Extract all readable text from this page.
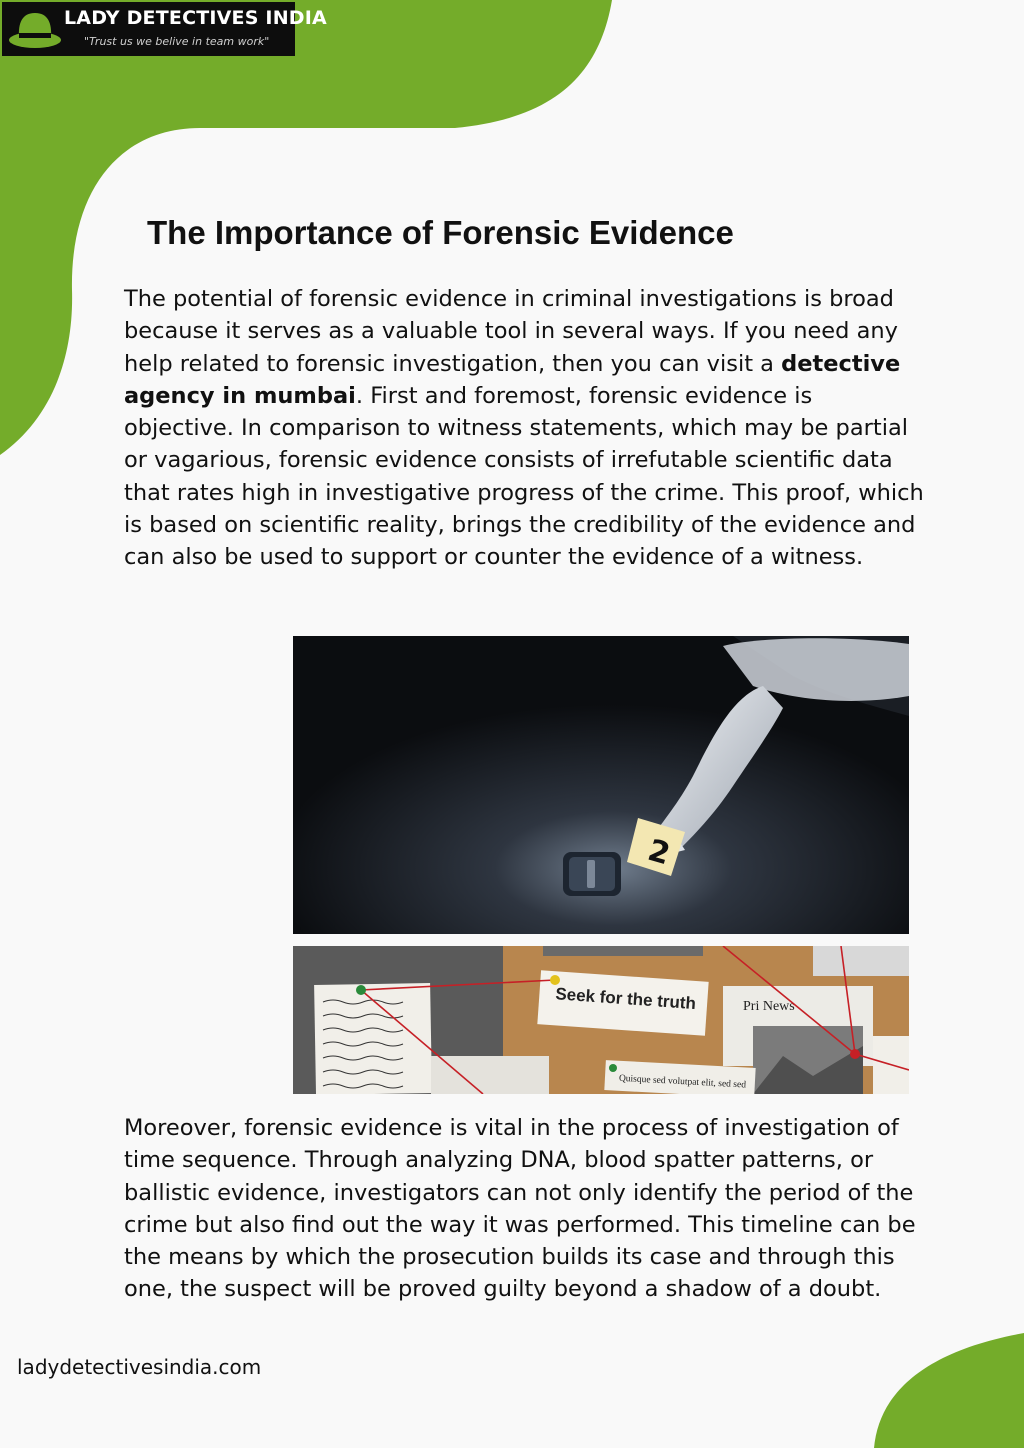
LADY DETECTIVES INDIA
"Trust us we belive in team work"
The Importance of Forensic Evidence

The potential of forensic evidence in criminal investigations is broad because it serves as a valuable tool in several ways. If you need any help related to forensic investigation, then you can visit a detective agency in mumbai. First and foremost, forensic evidence is objective. In comparison to witness statements, which may be partial or vagarious, forensic evidence consists of irrefutable scientific data that rates high in investigative progress of the crime. This proof, which is based on scientific reality, brings the credibility of the evidence and can also be used to support or counter the evidence of a witness.

2
Seek for the truth	Pri News
Quisque sed volutpat elit, sed sed

Moreover, forensic evidence is vital in the process of investigation of time sequence. Through analyzing DNA, blood spatter patterns, or ballistic evidence, investigators can not only identify the period of the crime but also find out the way it was performed. This timeline can be the means by which the prosecution builds its case and through this one, the suspect will be proved guilty beyond a shadow of a doubt.

ladydetectivesindia.com
